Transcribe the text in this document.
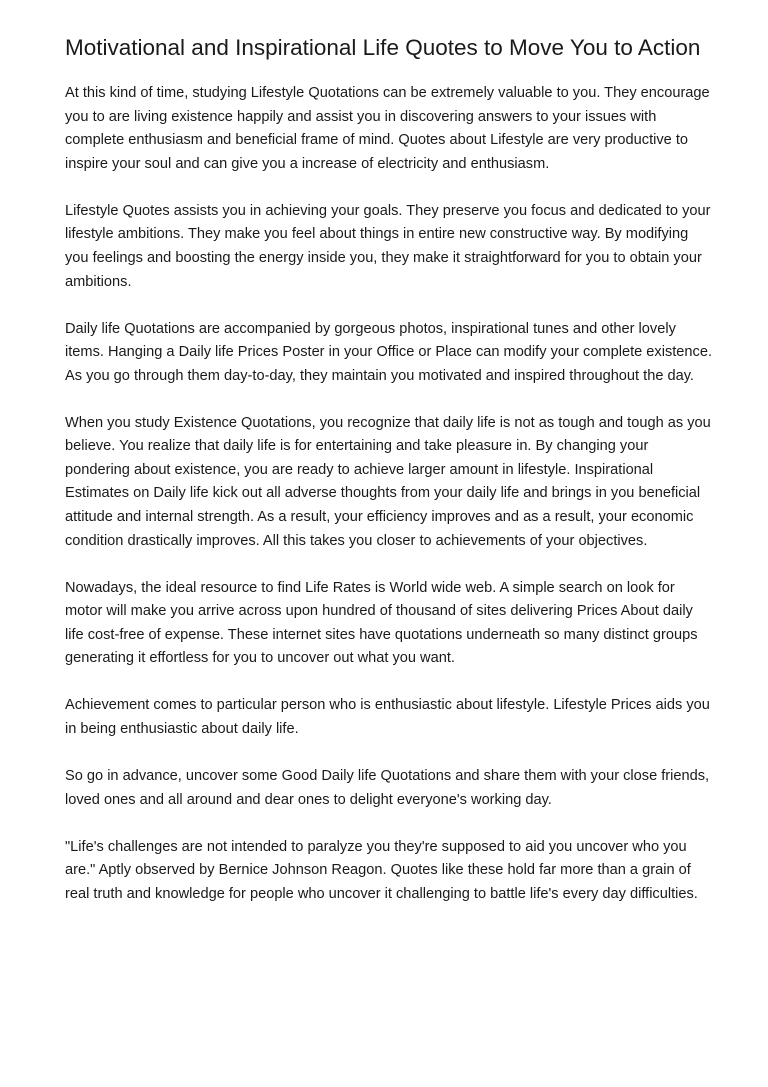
Motivational and Inspirational Life Quotes to Move You to Action

At this kind of time, studying Lifestyle Quotations can be extremely valuable to you. They encourage you to are living existence happily and assist you in discovering answers to your issues with complete enthusiasm and beneficial frame of mind. Quotes about Lifestyle are very productive to inspire your soul and can give you a increase of electricity and enthusiasm.

Lifestyle Quotes assists you in achieving your goals. They preserve you focus and dedicated to your lifestyle ambitions. They make you feel about things in entire new constructive way. By modifying you feelings and boosting the energy inside you, they make it straightforward for you to obtain your ambitions.

Daily life Quotations are accompanied by gorgeous photos, inspirational tunes and other lovely items. Hanging a Daily life Prices Poster in your Office or Place can modify your complete existence. As you go through them day-to-day, they maintain you motivated and inspired throughout the day.

When you study Existence Quotations, you recognize that daily life is not as tough and tough as you believe. You realize that daily life is for entertaining and take pleasure in. By changing your pondering about existence, you are ready to achieve larger amount in lifestyle. Inspirational Estimates on Daily life kick out all adverse thoughts from your daily life and brings in you beneficial attitude and internal strength. As a result, your efficiency improves and as a result, your economic condition drastically improves. All this takes you closer to achievements of your objectives.

Nowadays, the ideal resource to find Life Rates is World wide web. A simple search on look for motor will make you arrive across upon hundred of thousand of sites delivering Prices About daily life cost-free of expense. These internet sites have quotations underneath so many distinct groups generating it effortless for you to uncover out what you want.

Achievement comes to particular person who is enthusiastic about lifestyle. Lifestyle Prices aids you in being enthusiastic about daily life.

So go in advance, uncover some Good Daily life Quotations and share them with your close friends, loved ones and all around and dear ones to delight everyone's working day.

"Life's challenges are not intended to paralyze you they're supposed to aid you uncover who you are." Aptly observed by Bernice Johnson Reagon. Quotes like these hold far more than a grain of real truth and knowledge for people who uncover it challenging to battle life's every day difficulties.
